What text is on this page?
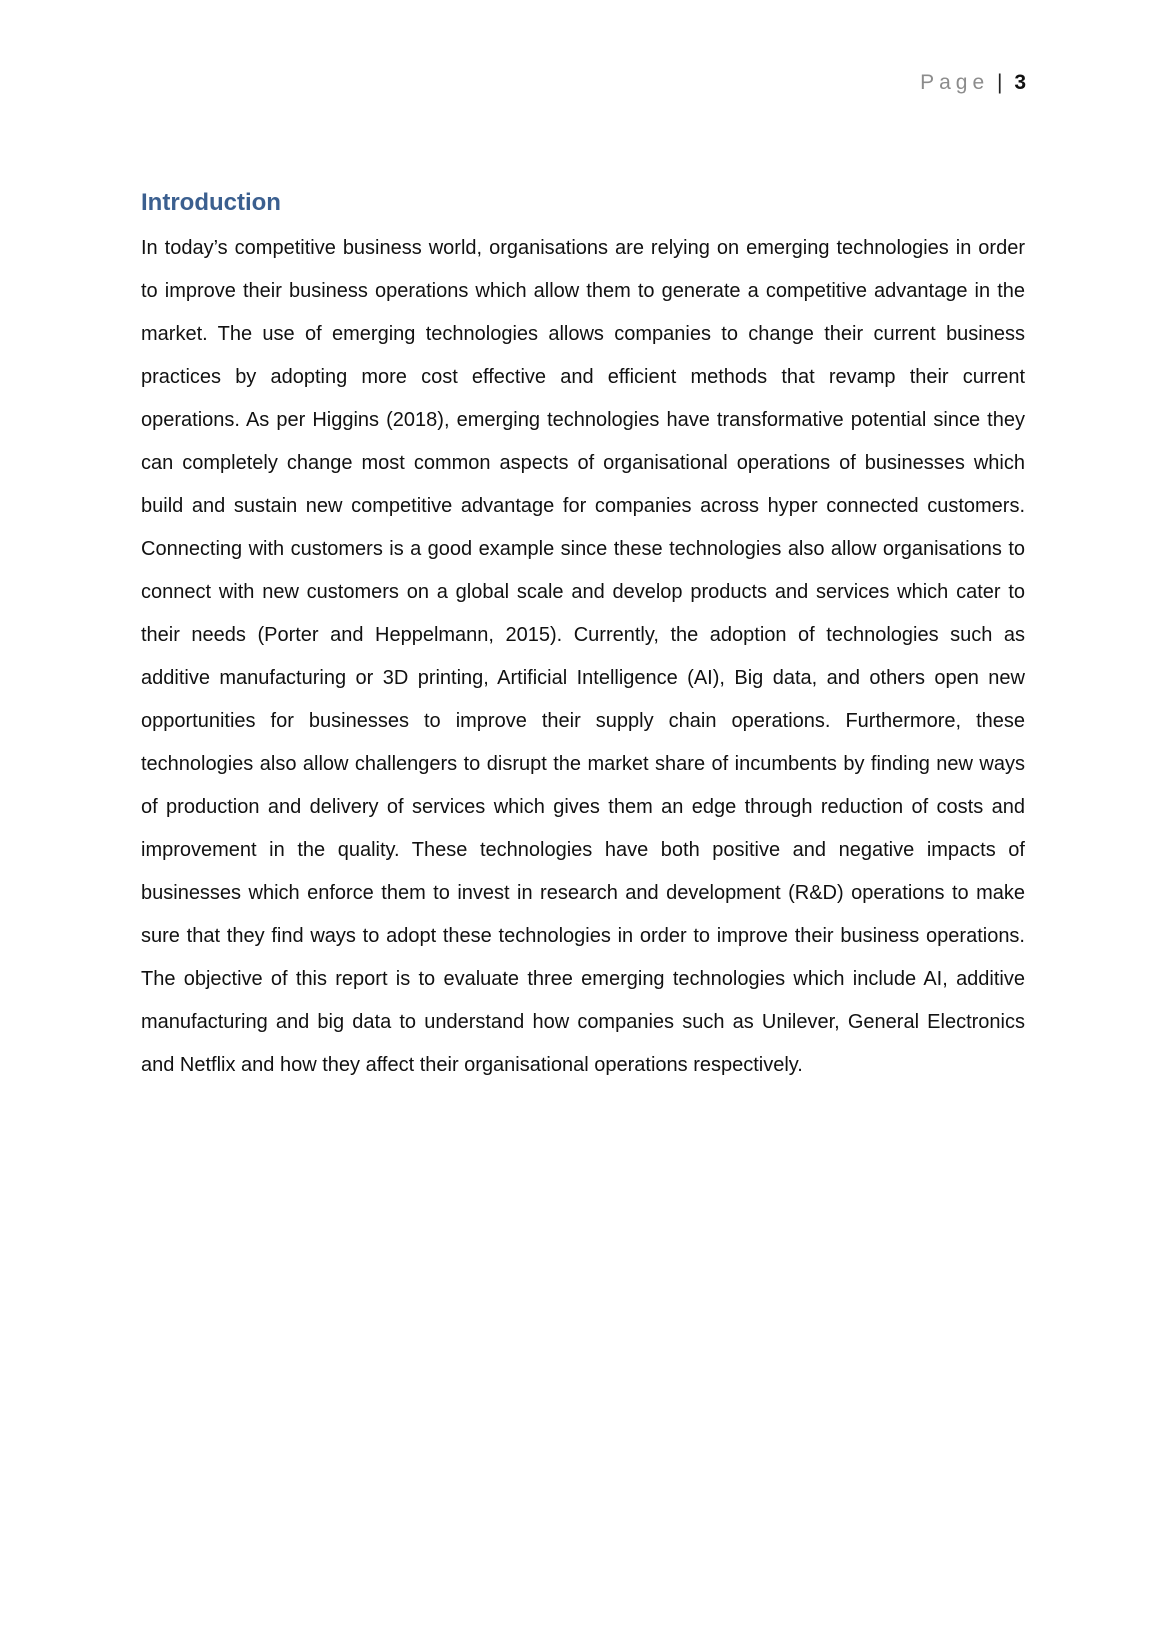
Page | 3
Introduction

In today’s competitive business world, organisations are relying on emerging technologies in order to improve their business operations which allow them to generate a competitive advantage in the market. The use of emerging technologies allows companies to change their current business practices by adopting more cost effective and efficient methods that revamp their current operations. As per Higgins (2018), emerging technologies have transformative potential since they can completely change most common aspects of organisational operations of businesses which build and sustain new competitive advantage for companies across hyper connected customers. Connecting with customers is a good example since these technologies also allow organisations to connect with new customers on a global scale and develop products and services which cater to their needs (Porter and Heppelmann, 2015). Currently, the adoption of technologies such as additive manufacturing or 3D printing, Artificial Intelligence (AI), Big data, and others open new opportunities for businesses to improve their supply chain operations. Furthermore, these technologies also allow challengers to disrupt the market share of incumbents by finding new ways of production and delivery of services which gives them an edge through reduction of costs and improvement in the quality. These technologies have both positive and negative impacts of businesses which enforce them to invest in research and development (R&D) operations to make sure that they find ways to adopt these technologies in order to improve their business operations. The objective of this report is to evaluate three emerging technologies which include AI, additive manufacturing and big data to understand how companies such as Unilever, General Electronics and Netflix and how they affect their organisational operations respectively.
